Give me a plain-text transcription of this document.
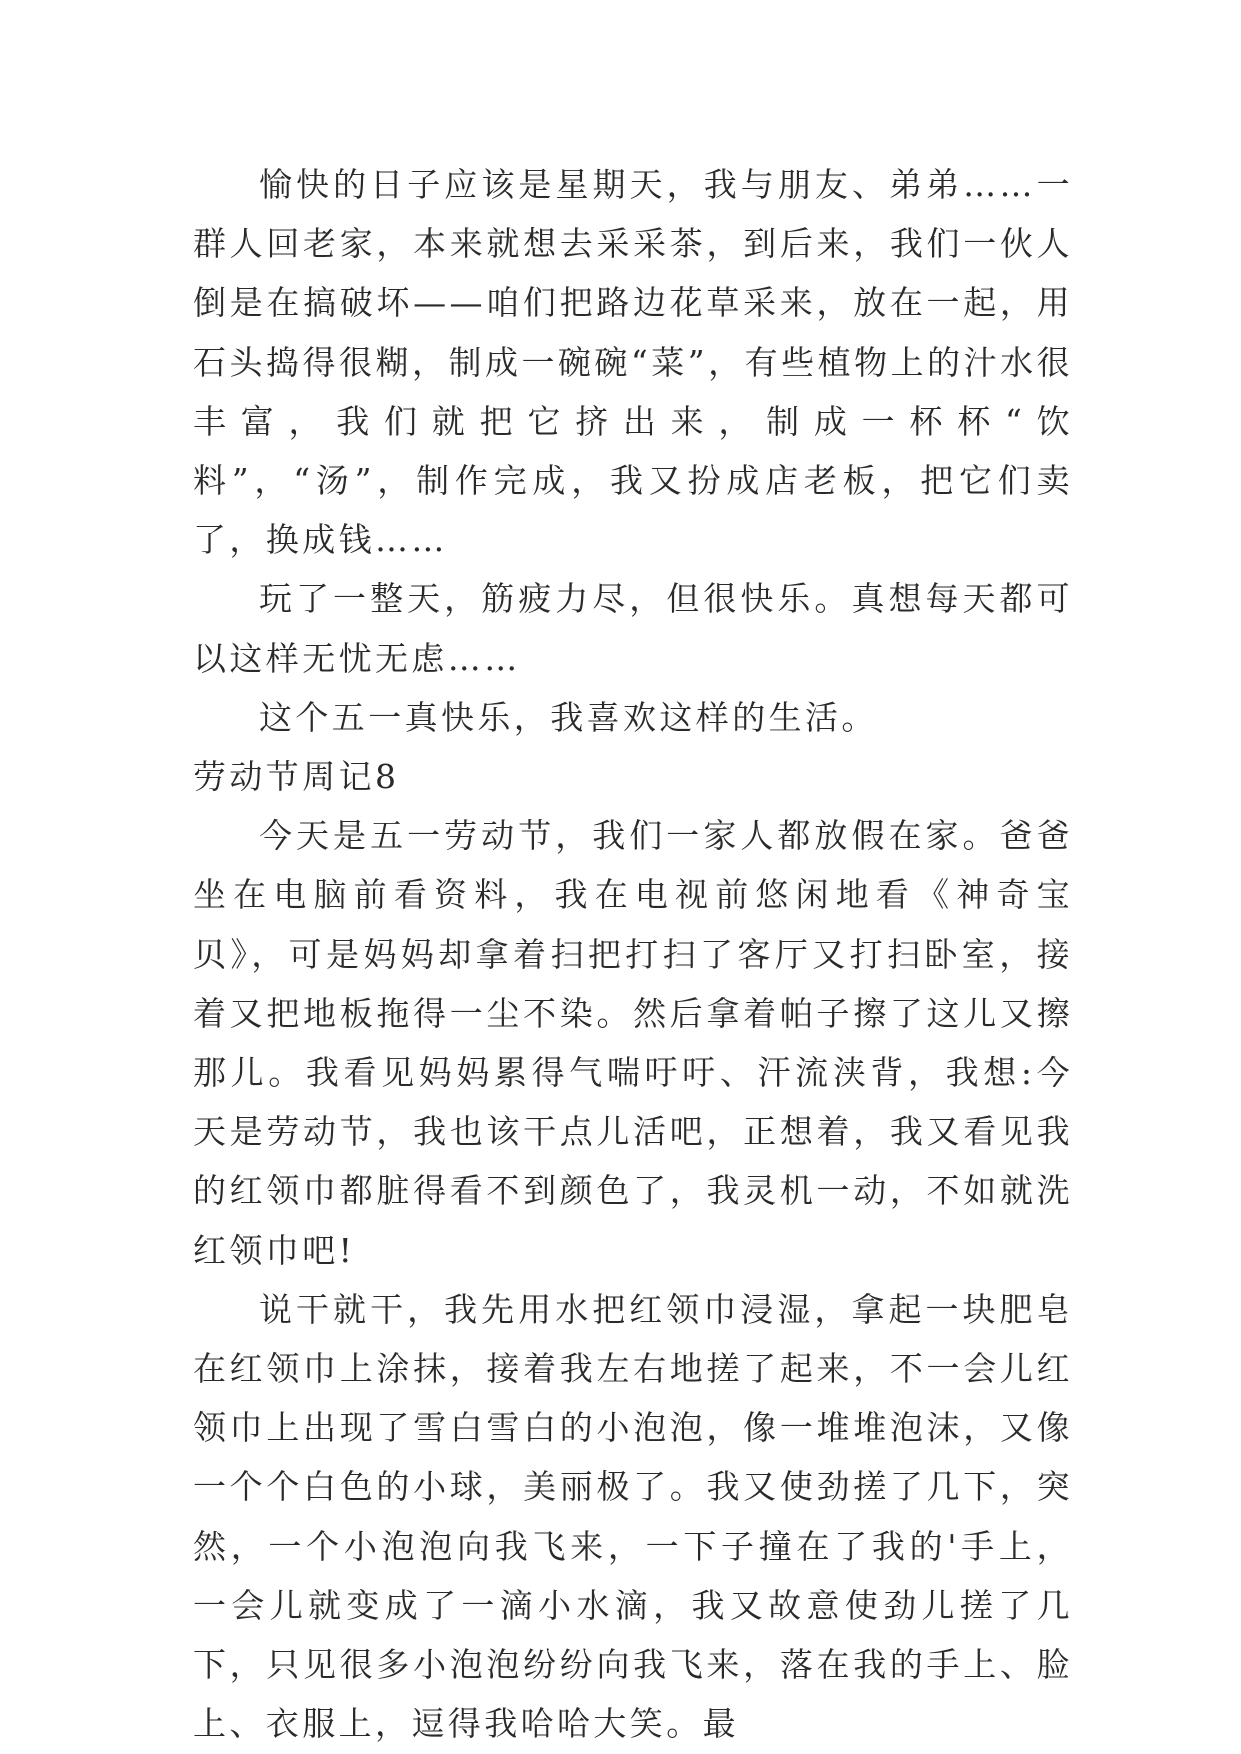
愉快的日子应该是星期天，我与朋友、弟弟……一群人回老家，本来就想去采采茶，到后来，我们一伙人倒是在搞破坏——咱们把路边花草采来，放在一起，用石头捣得很糊，制成一碗碗“菜”，有些植物上的汁水很丰富，我们就把它挤出来，制成一杯杯“饮料”，“汤”，制作完成，我又扮成店老板，把它们卖了，换成钱……

玩了一整天，筋疲力尽，但很快乐。真想每天都可以这样无忧无虑……

这个五一真快乐，我喜欢这样的生活。

劳动节周记8

今天是五一劳动节，我们一家人都放假在家。爸爸坐在电脑前看资料，我在电视前悠闲地看《神奇宝贝》，可是妈妈却拿着扫把打扫了客厅又打扫卧室，接着又把地板拖得一尘不染。然后拿着帕子擦了这儿又擦那儿。我看见妈妈累得气喘吁吁、汗流浃背，我想:今天是劳动节，我也该干点儿活吧，正想着，我又看见我的红领巾都脏得看不到颜色了，我灵机一动，不如就洗红领巾吧!

说干就干，我先用水把红领巾浸湿，拿起一块肥皂在红领巾上涂抹，接着我左右地搓了起来，不一会儿红领巾上出现了雪白雪白的小泡泡，像一堆堆泡沫，又像一个个白色的小球，美丽极了。我又使劲搓了几下，突然，一个小泡泡向我飞来，一下子撞在了我的'手上，一会儿就变成了一滴小水滴，我又故意使劲儿搓了几下，只见很多小泡泡纷纷向我飞来，落在我的手上、脸上、衣服上，逗得我哈哈大笑。最
